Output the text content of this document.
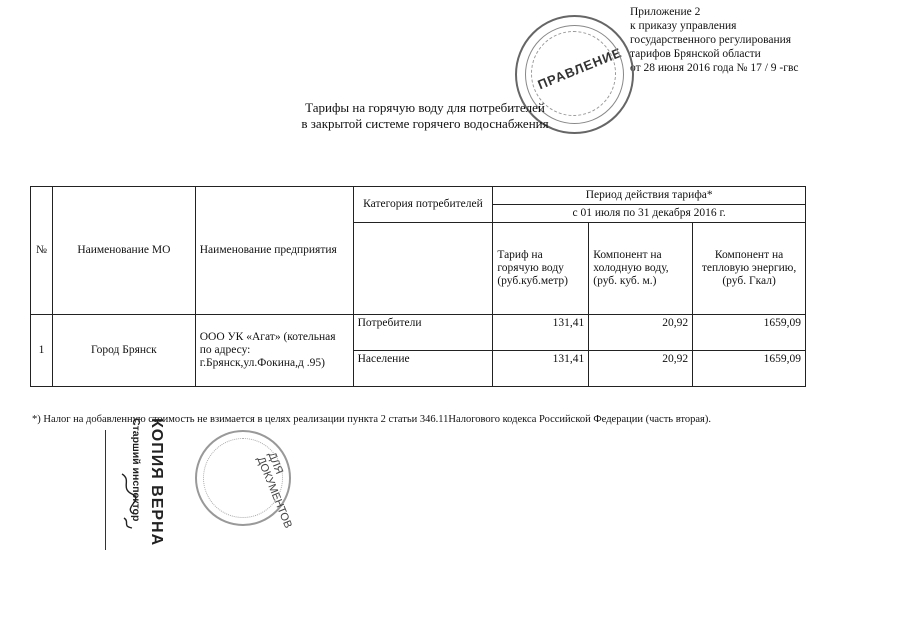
Приложение 2
к приказу управления
государственного регулирования
тарифов Брянской области
от 28 июня 2016 года № 17 / 9 -гвс
ПРАВЛЕНИЕ
Тарифы на горячую воду для потребителей
в закрытой системе горячего водоснабжения
№	Наименование МО	Наименование предприятия	Категория потребителей	Период действия тарифа*		
				с 01 июля по 31 декабря 2016 г.		
				Тариф на горячую воду (руб.куб.метр)	Компонент на холодную воду, (руб. куб. м.)	Компонент на тепловую энергию, (руб. Гкал)
1	Город Брянск	ООО УК «Агат» (котельная по адресу: г.Брянск,ул.Фокина,д .95)	Потребители	131,41	20,92	1659,09
			Население	131,41	20,92	1659,09
*) Налог на добавленную стоимость не взимается в целях реализации пункта 2 статьи 346.11Налогового кодекса Российской Федерации (часть вторая).
КОПИЯ ВЕРНА
Старший инспектор	ДЛЯ ДОКУМЕНТОВ
